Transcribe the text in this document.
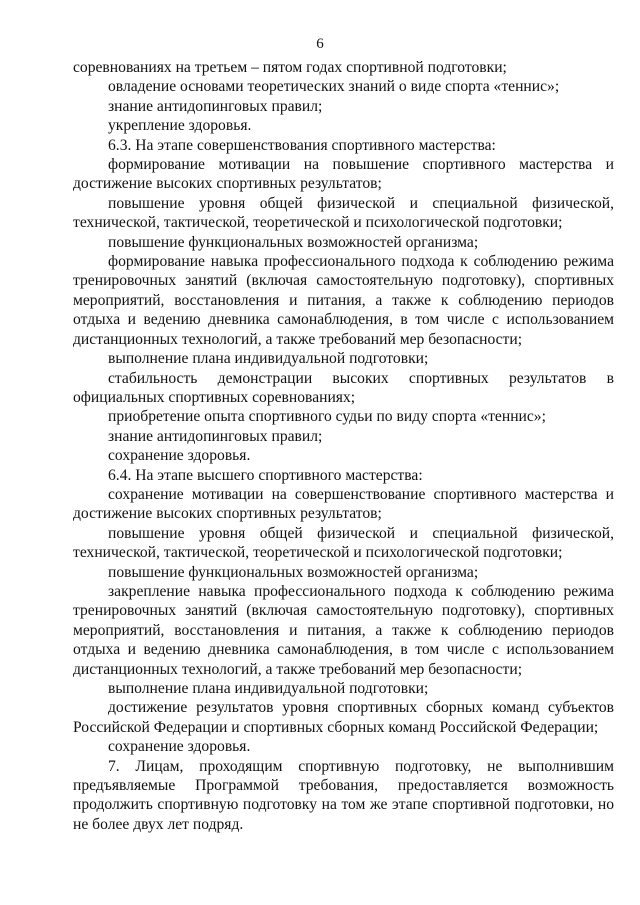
6

соревнованиях на третьем – пятом годах спортивной подготовки;

овладение основами теоретических знаний о виде спорта «теннис»;

знание антидопинговых правил;

укрепление здоровья.

6.3. На этапе совершенствования спортивного мастерства:

формирование мотивации на повышение спортивного мастерства и достижение высоких спортивных результатов;

повышение уровня общей физической и специальной физической, технической, тактической, теоретической и психологической подготовки;

повышение функциональных возможностей организма;

формирование навыка профессионального подхода к соблюдению режима тренировочных занятий (включая самостоятельную подготовку), спортивных мероприятий, восстановления и питания, а также к соблюдению периодов отдыха и ведению дневника самонаблюдения, в том числе с использованием дистанционных технологий, а также требований мер безопасности;

выполнение плана индивидуальной подготовки;

стабильность демонстрации высоких спортивных результатов в официальных спортивных соревнованиях;

приобретение опыта спортивного судьи по виду спорта «теннис»;

знание антидопинговых правил;

сохранение здоровья.

6.4. На этапе высшего спортивного мастерства:

сохранение мотивации на совершенствование спортивного мастерства и достижение высоких спортивных результатов;

повышение уровня общей физической и специальной физической, технической, тактической, теоретической и психологической подготовки;

повышение функциональных возможностей организма;

закрепление навыка профессионального подхода к соблюдению режима тренировочных занятий (включая самостоятельную подготовку), спортивных мероприятий, восстановления и питания, а также к соблюдению периодов отдыха и ведению дневника самонаблюдения, в том числе с использованием дистанционных технологий, а также требований мер безопасности;

выполнение плана индивидуальной подготовки;

достижение результатов уровня спортивных сборных команд субъектов Российской Федерации и спортивных сборных команд Российской Федерации;

сохранение здоровья.

7. Лицам, проходящим спортивную подготовку, не выполнившим предъявляемые Программой требования, предоставляется возможность продолжить спортивную подготовку на том же этапе спортивной подготовки, но не более двух лет подряд.
